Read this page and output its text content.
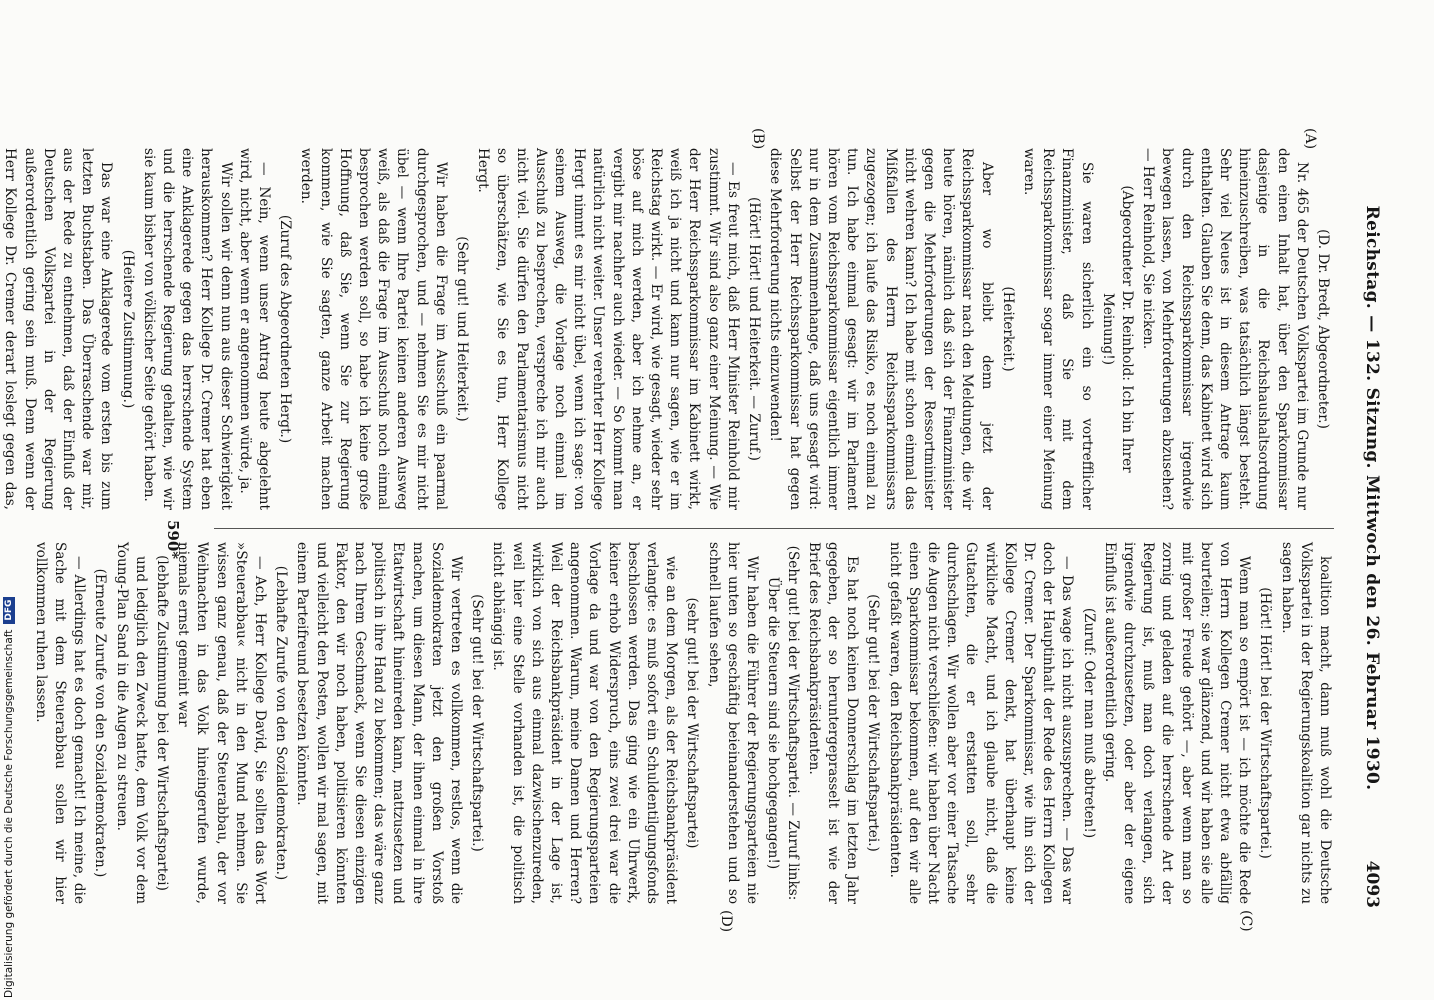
Reichstag. — 132. Sitzung. Mittwoch den 26. Februar 1930.
4093
(A)
(B)
(C)
(D)

(D. Dr. Bredt, Abgeordneter.)

Nr. 465 der Deutschen Volkspartei im Grunde nur den einen Inhalt hat, über den Sparkommissar dasjenige in die Reichshaushaltsordnung hineinzuschreiben, was tatsächlich längst besteht. Sehr viel Neues ist in diesem Antrage kaum enthalten. Glauben Sie denn, das Kabinett wird sich durch den Reichssparkommissar irgendwie bewegen lassen, von Mehrforderungen abzusehen? — Herr Reinhold, Sie nicken.

(Abgeordneter Dr. Reinhold: Ich bin Ihrer Meinung!)

Sie waren sicherlich ein so vortrefflicher Finanzminister, daß Sie mit dem Reichssparkommissar sogar immer einer Meinung waren.

(Heiterkeit.)

Aber wo bleibt denn jetzt der Reichssparkommissar nach den Meldungen, die wir heute hören, nämlich daß sich der Finanzminister gegen die Mehrforderungen der Ressortminister nicht wehren kann? Ich habe mit schon einmal das Mißfallen des Herrn Reichssparkommissars zugezogen; ich laufe das Risiko, es noch einmal zu tun. Ich habe einmal gesagt: wir im Parlament hören vom Reichssparkommissar eigentlich immer nur in dem Zusammenhange, daß uns gesagt wird: Selbst der Herr Reichssparkommissar hat gegen diese Mehrforderung nichts einzuwenden!

(Hört! Hört! und Heiterkeit. — Zuruf.)

— Es freut mich, daß Herr Minister Reinhold mir zustimmt. Wir sind also ganz einer Meinung. — Wie der Herr Reichssparkommissar im Kabinett wirkt, weiß ich ja nicht und kann nur sagen, wie er im Reichstag wirkt. — Er wird, wie gesagt, wieder sehr böse auf mich werden, aber ich nehme an, er vergibt mir nachher auch wieder. — So kommt man natürlich nicht weiter. Unser verehrter Herr Kollege Hergt nimmt es mir nicht übel, wenn ich sage: von seinem Ausweg, die Vorlage noch einmal im Ausschuß zu besprechen, verspreche ich mir auch nicht viel. Sie dürfen den Parlamentarismus nicht so überschätzen, wie Sie es tun, Herr Kollege Hergt.

(Sehr gut! und Heiterkeit.)

Wir haben die Frage im Ausschuß ein paarmal durchgesprochen, und — nehmen Sie es mir nicht übel — wenn Ihre Partei keinen anderen Ausweg weiß, als daß die Frage im Ausschuß noch einmal besprochen werden soll, so habe ich keine große Hoffnung, daß Sie, wenn Sie zur Regierung kommen, wie Sie sagten, ganze Arbeit machen werden.

(Zuruf des Abgeordneten Hergt.)

— Nein, wenn unser Antrag heute abgelehnt wird, nicht, aber wenn er angenommen würde, ja.

Wir sollen wir denn nun aus dieser Schwierigkeit herauskommen? Herr Kollege Dr. Cremer hat eben eine Anklagerede gegen das herrschende System und die herrschende Regierung gehalten, wie wir sie kaum bisher von völkischer Seite gehört haben.

(Heitere Zustimmung.)

Das war eine Anklagerede vom ersten bis zum letzten Buchstaben. Das Überraschende war mir, aus der Rede zu entnehmen, daß der Einfluß der Deutschen Volkspartei in der Regierung außerordentlich gering sein muß. Denn wenn der Herr Kollege Dr. Cremer derart loslegt gegen das,

koalition macht, dann muß wohl die Deutsche Volkspartei in der Regierungskoalition gar nichts zu sagen haben.

(Hört! Hört! bei der Wirtschaftspartei.)

Wenn man so empört ist — ich möchte die Rede von Herrn Kollegen Cremer nicht etwa abfällig beurteilen; sie war glänzend, und wir haben sie alle mit großer Freude gehört —, aber wenn man so zornig und geladen auf die herrschende Art der Regierung ist, muß man doch verlangen, sich irgendwie durchzusetzen, oder aber der eigene Einfluß ist außerordentlich gering.

(Zuruf: Oder man muß abtreten!)

— Das wage ich nicht auszusprechen. — Das war doch der Hauptinhalt der Rede des Herrn Kollegen Dr. Cremer. Der Sparkommissar, wie ihn sich der Kollege Cremer denkt, hat überhaupt keine wirkliche Macht, und ich glaube nicht, daß die Gutachten, die er erstatten soll, sehr durchschlagen. Wir wollen aber vor einer Tatsache die Augen nicht verschließen: wir haben über Nacht einen Sparkommissar bekommen, auf den wir alle nicht gefaßt waren, den Reichsbankpräsidenten.

(Sehr gut! bei der Wirtschaftspartei.)

Es hat noch keinen Donnerschlag im letzten Jahr gegeben, der so heruntergeprasselt ist wie der Brief des Reichsbankpräsidenten.

(Sehr gut! bei der Wirtschaftspartei. — Zuruf links: Über die Steuern sind sie hochgegangen!)

Wir haben die Führer der Regierungsparteien nie hier unten so geschäftig beieinanderstehen und so schnell laufen sehen,

(sehr gut! bei der Wirtschaftspartei)

wie an dem Morgen, als der Reichsbankpräsident verlangte: es muß sofort ein Schuldentilgungsfonds beschlossen werden. Das ging wie ein Uhrwerk, keiner erhob Widerspruch, eins zwei drei war die Vorlage da und war von den Regierungsparteien angenommen. Warum, meine Damen und Herren? Weil der Reichsbankpräsident in der Lage ist, wirklich von sich aus einmal dazwischenzureden, weil hier eine Stelle vorhanden ist, die politisch nicht abhängig ist.

(Sehr gut! bei der Wirtschaftspartei.)

Wir vertreten es vollkommen, restlos, wenn die Sozialdemokraten jetzt den großen Vorstoß machen, um diesen Mann, der ihnen einmal in ihre Etatwirtschaft hineinreden kann, mattzusetzen und politisch in ihre Hand zu bekommen; das wäre ganz nach Ihrem Geschmack, wenn Sie diesen einzigen Faktor, den wir noch haben, politisieren könnten und vielleicht den Posten, wollen wir mal sagen, mit einem Parteifreund besetzen könnten.

(Lebhafte Zurufe von den Sozialdemokraten.)

— Ach, Herr Kollege David, Sie sollten das Wort »Steuerabbau« nicht in den Mund nehmen. Sie wissen ganz genau, daß der Steuerabbau, der vor Weihnachten in das Volk hineingerufen wurde, niemals ernst gemeint war

(lebhafte Zustimmung bei der Wirtschaftspartei)

und lediglich den Zweck hatte, dem Volk vor dem Young-Plan Sand in die Augen zu streuen.

(Erneute Zurufe von den Sozialdemokraten.)

— Allerdings hat es doch gemacht! Ich meine, die Sache mit dem Steuerabbau sollen wir hier vollkommen ruhen lassen.

590*
Digitalisierung gefördert durch die Deutsche Forschungsgemeinschaft
DFG
